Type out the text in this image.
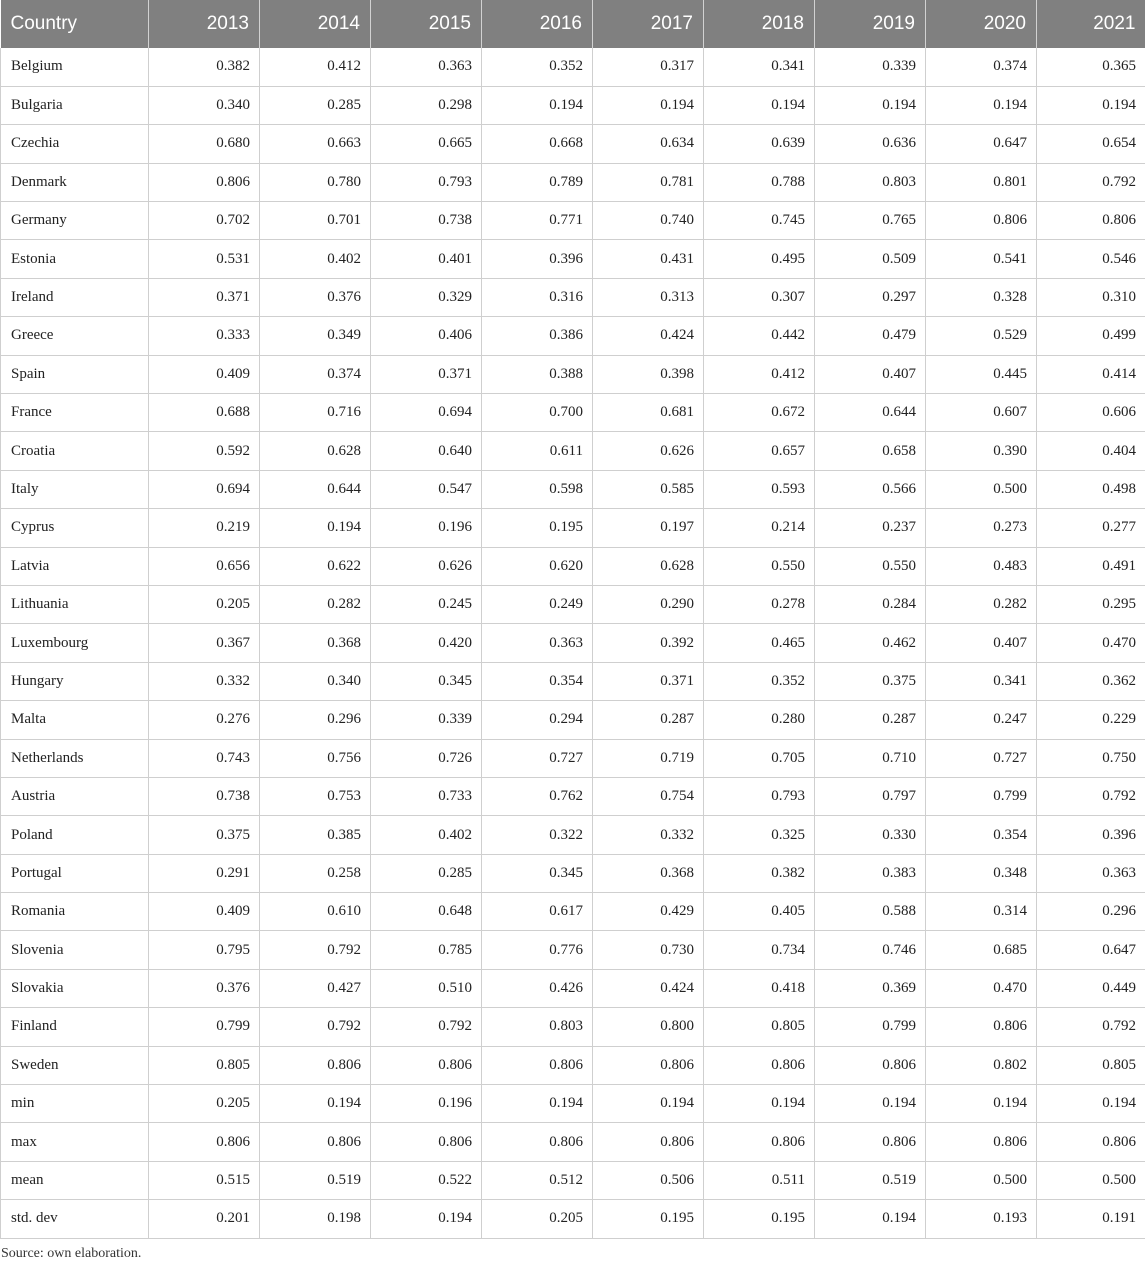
Country	2013	2014	2015	2016	2017	2018	2019	2020	2021
Belgium	0.382	0.412	0.363	0.352	0.317	0.341	0.339	0.374	0.365
Bulgaria	0.340	0.285	0.298	0.194	0.194	0.194	0.194	0.194	0.194
Czechia	0.680	0.663	0.665	0.668	0.634	0.639	0.636	0.647	0.654
Denmark	0.806	0.780	0.793	0.789	0.781	0.788	0.803	0.801	0.792
Germany	0.702	0.701	0.738	0.771	0.740	0.745	0.765	0.806	0.806
Estonia	0.531	0.402	0.401	0.396	0.431	0.495	0.509	0.541	0.546
Ireland	0.371	0.376	0.329	0.316	0.313	0.307	0.297	0.328	0.310
Greece	0.333	0.349	0.406	0.386	0.424	0.442	0.479	0.529	0.499
Spain	0.409	0.374	0.371	0.388	0.398	0.412	0.407	0.445	0.414
France	0.688	0.716	0.694	0.700	0.681	0.672	0.644	0.607	0.606
Croatia	0.592	0.628	0.640	0.611	0.626	0.657	0.658	0.390	0.404
Italy	0.694	0.644	0.547	0.598	0.585	0.593	0.566	0.500	0.498
Cyprus	0.219	0.194	0.196	0.195	0.197	0.214	0.237	0.273	0.277
Latvia	0.656	0.622	0.626	0.620	0.628	0.550	0.550	0.483	0.491
Lithuania	0.205	0.282	0.245	0.249	0.290	0.278	0.284	0.282	0.295
Luxembourg	0.367	0.368	0.420	0.363	0.392	0.465	0.462	0.407	0.470
Hungary	0.332	0.340	0.345	0.354	0.371	0.352	0.375	0.341	0.362
Malta	0.276	0.296	0.339	0.294	0.287	0.280	0.287	0.247	0.229
Netherlands	0.743	0.756	0.726	0.727	0.719	0.705	0.710	0.727	0.750
Austria	0.738	0.753	0.733	0.762	0.754	0.793	0.797	0.799	0.792
Poland	0.375	0.385	0.402	0.322	0.332	0.325	0.330	0.354	0.396
Portugal	0.291	0.258	0.285	0.345	0.368	0.382	0.383	0.348	0.363
Romania	0.409	0.610	0.648	0.617	0.429	0.405	0.588	0.314	0.296
Slovenia	0.795	0.792	0.785	0.776	0.730	0.734	0.746	0.685	0.647
Slovakia	0.376	0.427	0.510	0.426	0.424	0.418	0.369	0.470	0.449
Finland	0.799	0.792	0.792	0.803	0.800	0.805	0.799	0.806	0.792
Sweden	0.805	0.806	0.806	0.806	0.806	0.806	0.806	0.802	0.805
min	0.205	0.194	0.196	0.194	0.194	0.194	0.194	0.194	0.194
max	0.806	0.806	0.806	0.806	0.806	0.806	0.806	0.806	0.806
mean	0.515	0.519	0.522	0.512	0.506	0.511	0.519	0.500	0.500
std. dev	0.201	0.198	0.194	0.205	0.195	0.195	0.194	0.193	0.191
Source: own elaboration.
